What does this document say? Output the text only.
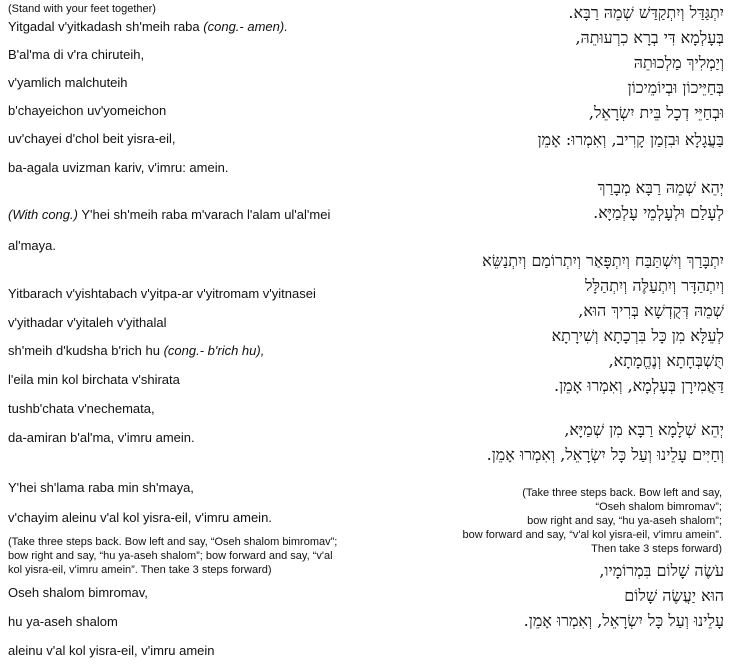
(Stand with your feet together)
Yitgadal v'yitkadash sh'meih raba (cong.- amen).
B'al'ma di v'ra chiruteih,
v'yamlich malchuteih
b'chayeichon uv'yomeichon
uv'chayei d'chol beit yisra-eil,
ba-agala uvizman kariv, v'imru: amein.
(With cong.) Y'hei sh'meih raba m'varach l'alam ul'al'mei
al'maya.
Yitbarach v'yishtabach v'yitpa-ar v'yitromam v'yitnasei
v'yithadar v'yitaleh v'yithalal
sh'meih d'kudsha b'rich hu (cong.- b'rich hu),
l'eila min kol birchata v'shirata
tushb'chata v'nechemata,
da-amiran b'al'ma, v'imru amein.
Y'hei sh'lama raba min sh'maya,
v'chayim aleinu v'al kol yisra-eil, v'imru amein.
(Take three steps back. Bow left and say, “Oseh shalom bimromav”;
bow right and say, “hu ya-aseh shalom”; bow forward and say, “v'al
kol yisra-eil, v'imru amein”. Then take 3 steps forward)
Oseh shalom bimromav,
hu ya-aseh shalom
aleinu v'al kol yisra-eil, v'imru amein
יִתְגַּדַּל וְיִתְקַדַּשׁ שְׁמֵהּ רַבָּא.
בְּעָלְמָא דִּי בְרָא כִרְעוּתֵהּ,
וְיַמְלִיךְ מַלְכוּתֵהּ
בְּחַיֵּיכוֹן וּבְיוֹמֵיכוֹן
וּבְחַיֵּי דְכָל בֵּית יִשְׂרָאֵל,
בַּעֲגָלָא וּבִזְמַן קָרִיב, וְאִמְרוּ: אָמֵן
יְהֵא שְׁמֵהּ רַבָּא מְבָרַךְ
לְעָלַם וּלְעָלְמֵי עָלְמַיָּא.
יִתְבָּרַךְ וְיִשְׁתַּבַּח וְיִתְפָּאַר וְיִתְרוֹמַם וְיִתְנַשֵּׂא
וְיִתְהַדָּר וְיִתְעַלֶּה וְיִתְהַלָּל
שְׁמֵהּ דְּקֻדְשָׁא בְּרִיךְ הוּא,
לְעֵלָּא מִן כָּל בִּרְכָתָא וְשִׁירָתָא
תֻּשְׁבְּחָתָא וְנֶחֱמָתָא,
דַּאֲמִירָן בְּעָלְמָא, וְאִמְרוּ אָמֵן.
יְהֵא שְׁלָמָא רַבָּא מִן שְׁמַיָּא,
וְחַיִּים עָלֵינוּ וְעַל כָּל יִשְׂרָאֵל, וְאִמְרוּ אָמֵן.
(Take three steps back. Bow left and say,
“Oseh shalom bimromav”;
bow right and say, “hu ya-aseh shalom”;
bow forward and say, “v'al kol yisra-eil, v'imru amein”.
Then take 3 steps forward)
עֹשֶׂה שָׁלוֹם בִּמְרוֹמָיו,
הוּא יַעֲשֶׂה שָׁלוֹם
עָלֵינוּ וְעַל כָּל יִשְׂרָאֵל, וְאִמְרוּ אָמֵן.
